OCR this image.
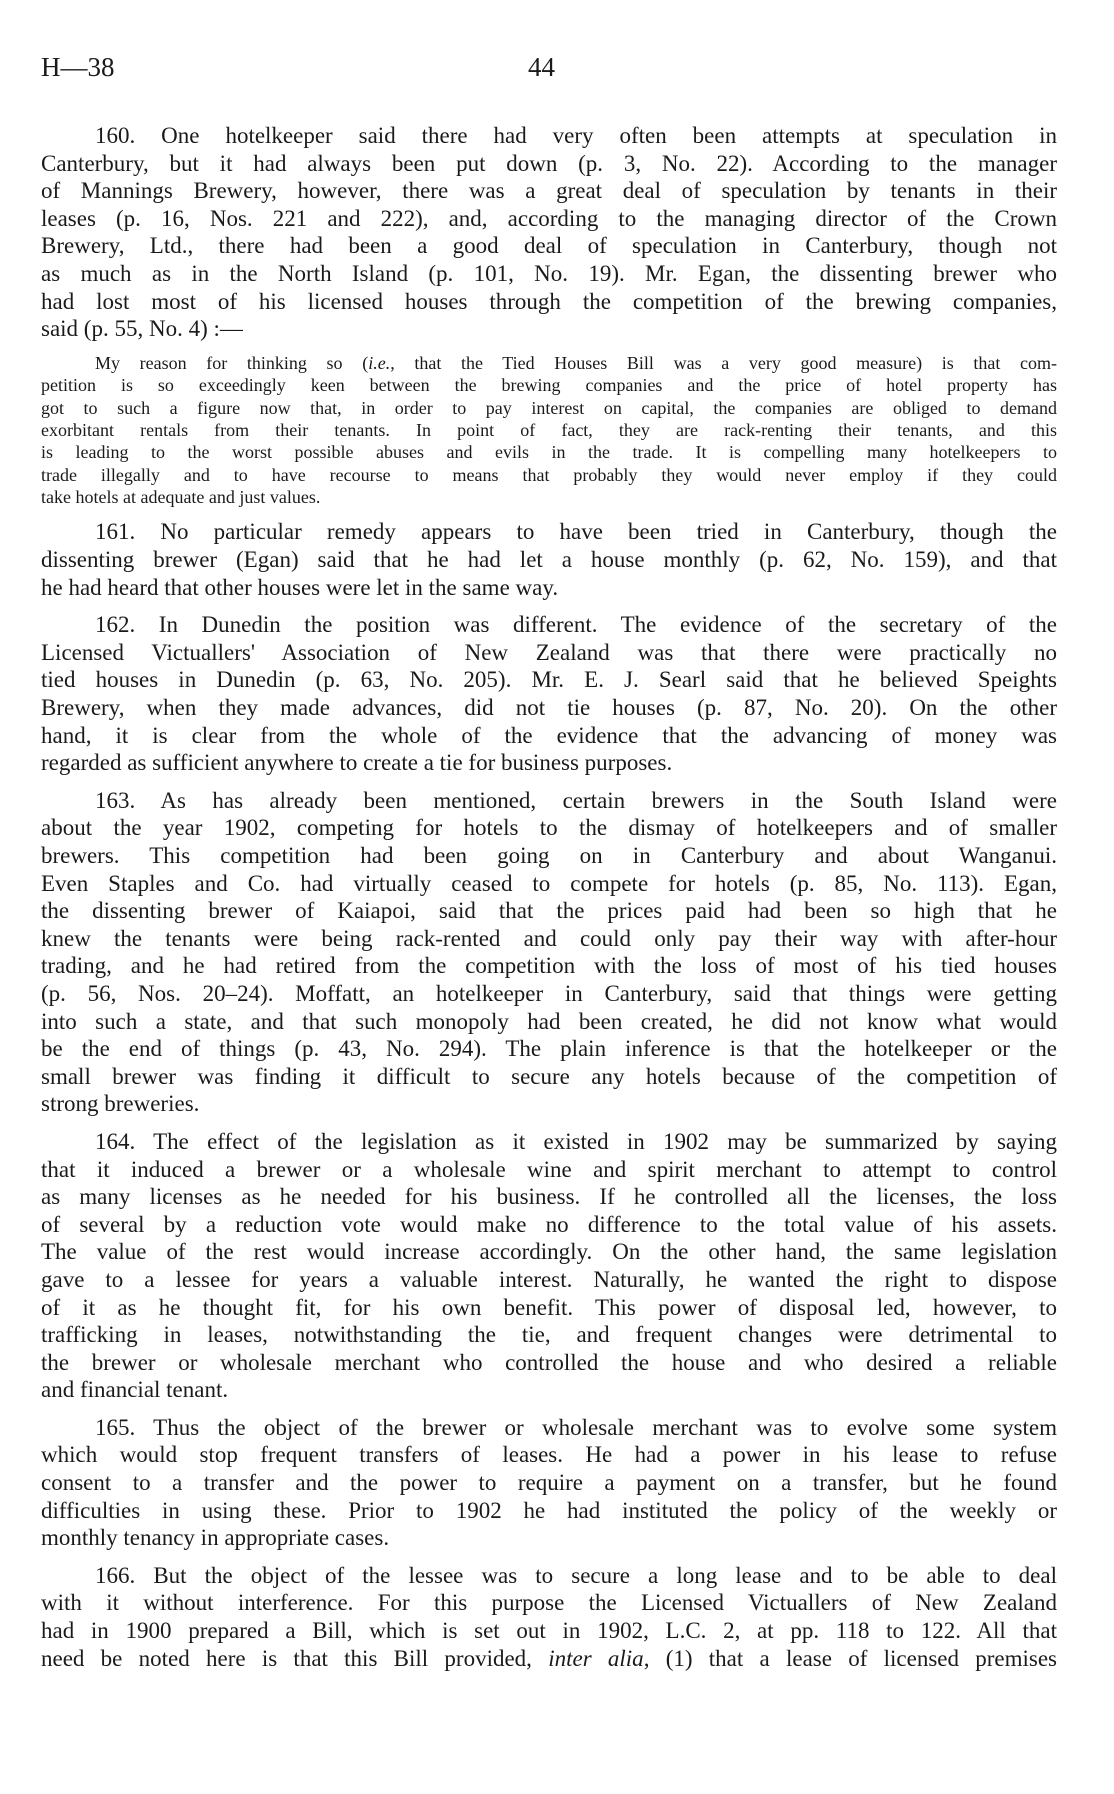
H—38	44
160. One hotelkeeper said there had very often been attempts at speculation in
Canterbury, but it had always been put down (p. 3, No. 22). According to the manager
of Mannings Brewery, however, there was a great deal of speculation by tenants in their
leases (p. 16, Nos. 221 and 222), and, according to the managing director of the Crown
Brewery, Ltd., there had been a good deal of speculation in Canterbury, though not
as much as in the North Island (p. 101, No. 19). Mr. Egan, the dissenting brewer who
had lost most of his licensed houses through the competition of the brewing companies,
said (p. 55, No. 4) :—
My reason for thinking so (i.e., that the Tied Houses Bill was a very good measure) is that com-
petition is so exceedingly keen between the brewing companies and the price of hotel property has
got to such a figure now that, in order to pay interest on capital, the companies are obliged to demand
exorbitant rentals from their tenants. In point of fact, they are rack-renting their tenants, and this
is leading to the worst possible abuses and evils in the trade. It is compelling many hotelkeepers to
trade illegally and to have recourse to means that probably they would never employ if they could
take hotels at adequate and just values.
161. No particular remedy appears to have been tried in Canterbury, though the
dissenting brewer (Egan) said that he had let a house monthly (p. 62, No. 159), and that
he had heard that other houses were let in the same way.
162. In Dunedin the position was different. The evidence of the secretary of the
Licensed Victuallers' Association of New Zealand was that there were practically no
tied houses in Dunedin (p. 63, No. 205). Mr. E. J. Searl said that he believed Speights
Brewery, when they made advances, did not tie houses (p. 87, No. 20). On the other
hand, it is clear from the whole of the evidence that the advancing of money was
regarded as sufficient anywhere to create a tie for business purposes.
163. As has already been mentioned, certain brewers in the South Island were
about the year 1902, competing for hotels to the dismay of hotelkeepers and of smaller
brewers. This competition had been going on in Canterbury and about Wanganui.
Even Staples and Co. had virtually ceased to compete for hotels (p. 85, No. 113). Egan,
the dissenting brewer of Kaiapoi, said that the prices paid had been so high that he
knew the tenants were being rack-rented and could only pay their way with after-hour
trading, and he had retired from the competition with the loss of most of his tied houses
(p. 56, Nos. 20–24). Moffatt, an hotelkeeper in Canterbury, said that things were getting
into such a state, and that such monopoly had been created, he did not know what would
be the end of things (p. 43, No. 294). The plain inference is that the hotelkeeper or the
small brewer was finding it difficult to secure any hotels because of the competition of
strong breweries.
164. The effect of the legislation as it existed in 1902 may be summarized by saying
that it induced a brewer or a wholesale wine and spirit merchant to attempt to control
as many licenses as he needed for his business. If he controlled all the licenses, the loss
of several by a reduction vote would make no difference to the total value of his assets.
The value of the rest would increase accordingly. On the other hand, the same legislation
gave to a lessee for years a valuable interest. Naturally, he wanted the right to dispose
of it as he thought fit, for his own benefit. This power of disposal led, however, to
trafficking in leases, notwithstanding the tie, and frequent changes were detrimental to
the brewer or wholesale merchant who controlled the house and who desired a reliable
and financial tenant.
165. Thus the object of the brewer or wholesale merchant was to evolve some system
which would stop frequent transfers of leases. He had a power in his lease to refuse
consent to a transfer and the power to require a payment on a transfer, but he found
difficulties in using these. Prior to 1902 he had instituted the policy of the weekly or
monthly tenancy in appropriate cases.
166. But the object of the lessee was to secure a long lease and to be able to deal
with it without interference. For this purpose the Licensed Victuallers of New Zealand
had in 1900 prepared a Bill, which is set out in 1902, L.C. 2, at pp. 118 to 122. All that
need be noted here is that this Bill provided, inter alia, (1) that a lease of licensed premises
